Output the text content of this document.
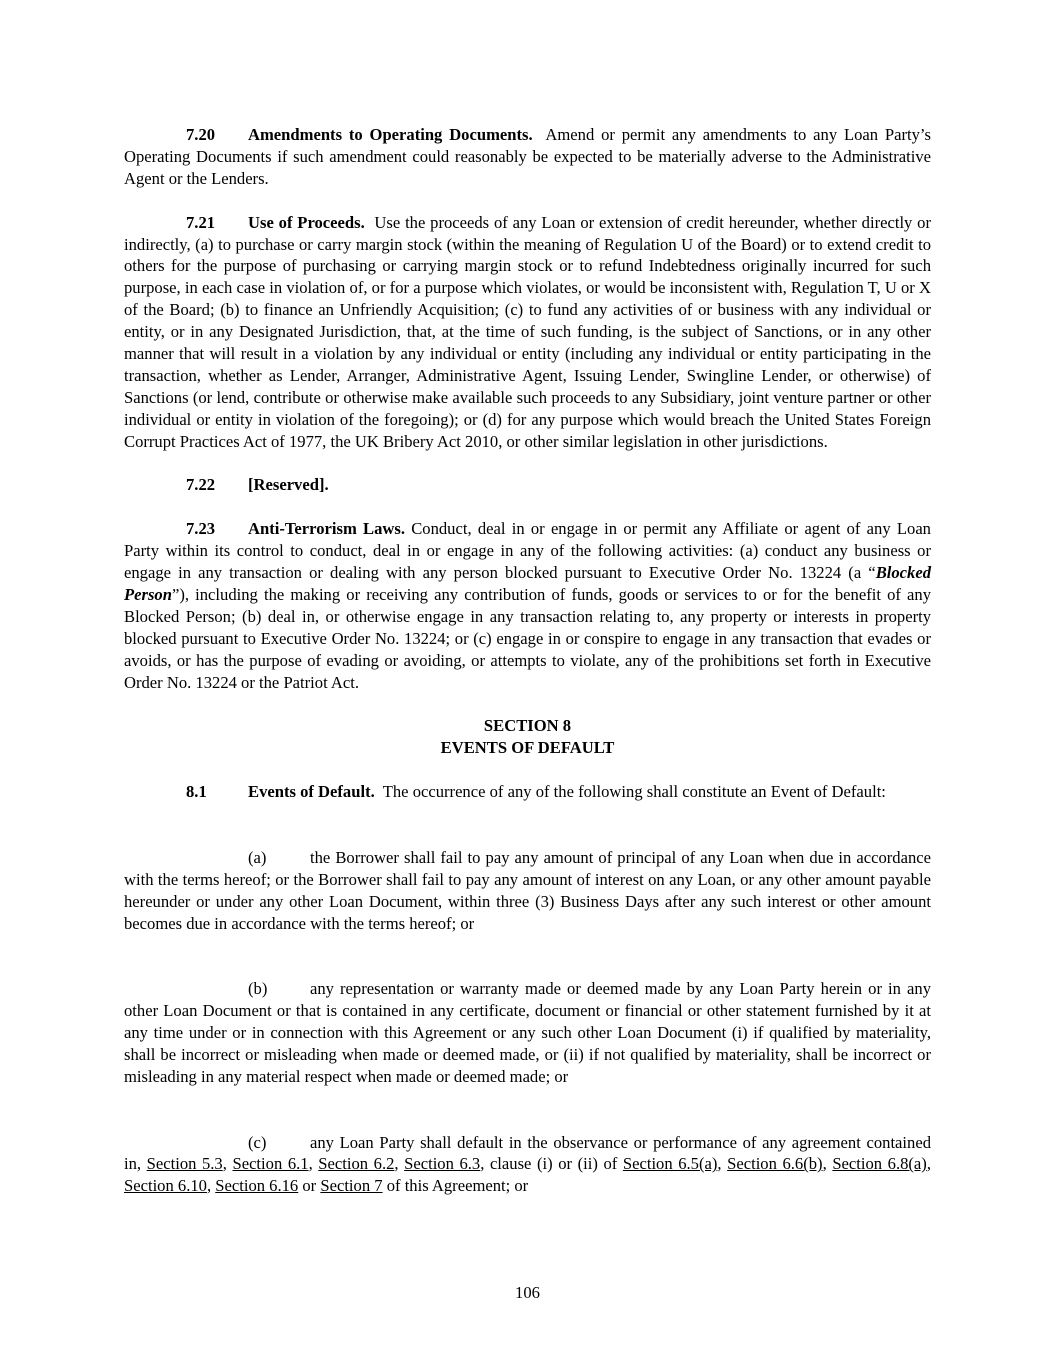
7.20 Amendments to Operating Documents. Amend or permit any amendments to any Loan Party’s Operating Documents if such amendment could reasonably be expected to be materially adverse to the Administrative Agent or the Lenders.

7.21 Use of Proceeds. Use the proceeds of any Loan or extension of credit hereunder, whether directly or indirectly, (a) to purchase or carry margin stock (within the meaning of Regulation U of the Board) or to extend credit to others for the purpose of purchasing or carrying margin stock or to refund Indebtedness originally incurred for such purpose, in each case in violation of, or for a purpose which violates, or would be inconsistent with, Regulation T, U or X of the Board; (b) to finance an Unfriendly Acquisition; (c) to fund any activities of or business with any individual or entity, or in any Designated Jurisdiction, that, at the time of such funding, is the subject of Sanctions, or in any other manner that will result in a violation by any individual or entity (including any individual or entity participating in the transaction, whether as Lender, Arranger, Administrative Agent, Issuing Lender, Swingline Lender, or otherwise) of Sanctions (or lend, contribute or otherwise make available such proceeds to any Subsidiary, joint venture partner or other individual or entity in violation of the foregoing); or (d) for any purpose which would breach the United States Foreign Corrupt Practices Act of 1977, the UK Bribery Act 2010, or other similar legislation in other jurisdictions.

7.22 [Reserved].

7.23 Anti-Terrorism Laws. Conduct, deal in or engage in or permit any Affiliate or agent of any Loan Party within its control to conduct, deal in or engage in any of the following activities: (a) conduct any business or engage in any transaction or dealing with any person blocked pursuant to Executive Order No. 13224 (a “Blocked Person”), including the making or receiving any contribution of funds, goods or services to or for the benefit of any Blocked Person; (b) deal in, or otherwise engage in any transaction relating to, any property or interests in property blocked pursuant to Executive Order No. 13224; or (c) engage in or conspire to engage in any transaction that evades or avoids, or has the purpose of evading or avoiding, or attempts to violate, any of the prohibitions set forth in Executive Order No. 13224 or the Patriot Act.

SECTION 8

EVENTS OF DEFAULT

8.1 Events of Default. The occurrence of any of the following shall constitute an Event of Default:

(a)	the Borrower shall fail to pay any amount of principal of any Loan when due in accordance with the terms hereof; or the Borrower shall fail to pay any amount of interest on any Loan, or any other amount payable hereunder or under any other Loan Document, within three (3) Business Days after any such interest or other amount becomes due in accordance with the terms hereof; or

(b)	any representation or warranty made or deemed made by any Loan Party herein or in any other Loan Document or that is contained in any certificate, document or financial or other statement furnished by it at any time under or in connection with this Agreement or any such other Loan Document (i) if qualified by materiality, shall be incorrect or misleading when made or deemed made, or (ii) if not qualified by materiality, shall be incorrect or misleading in any material respect when made or deemed made; or

(c)	any Loan Party shall default in the observance or performance of any agreement contained in, Section 5.3, Section 6.1, Section 6.2, Section 6.3, clause (i) or (ii) of Section 6.5(a), Section 6.6(b), Section 6.8(a), Section 6.10, Section 6.16 or Section 7 of this Agreement; or

106
